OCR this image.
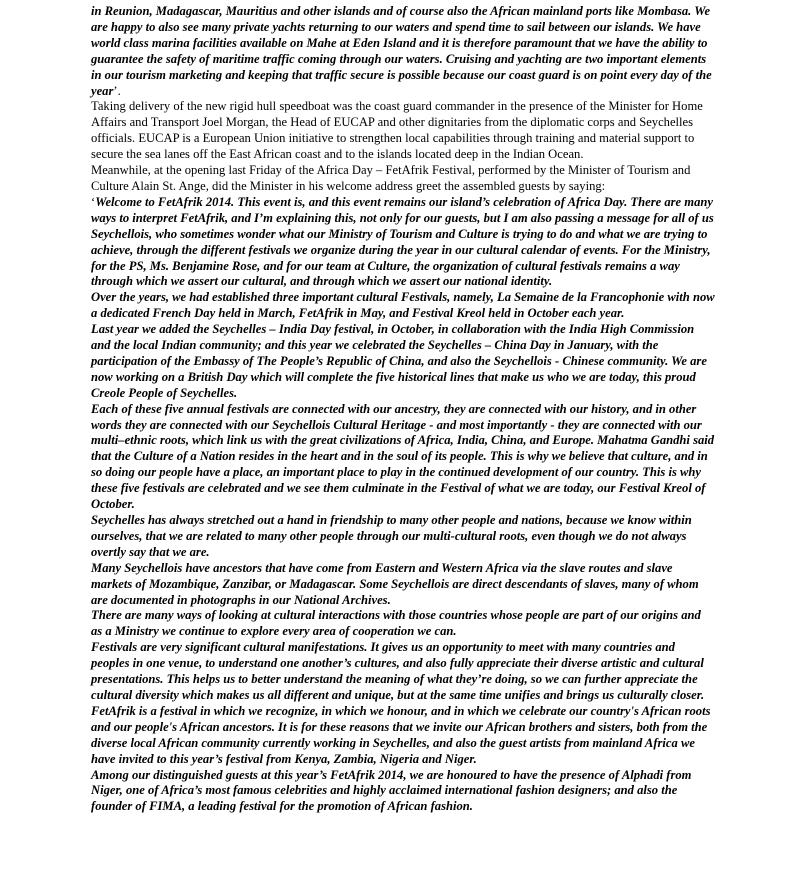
in Reunion, Madagascar, Mauritius and other islands and of course also the African mainland ports like Mombasa. We are happy to also see many private yachts returning to our waters and spend time to sail between our islands. We have world class marina facilities available on Mahe at Eden Island and it is therefore paramount that we have the ability to guarantee the safety of maritime traffic coming through our waters. Cruising and yachting are two important elements in our tourism marketing and keeping that traffic secure is possible because our coast guard is on point every day of the year’.

Taking delivery of the new rigid hull speedboat was the coast guard commander in the presence of the Minister for Home Affairs and Transport Joel Morgan, the Head of EUCAP and other dignitaries from the diplomatic corps and Seychelles officials. EUCAP is a European Union initiative to strengthen local capabilities through training and material support to secure the sea lanes off the East African coast and to the islands located deep in the Indian Ocean.

Meanwhile, at the opening last Friday of the Africa Day – FetAfrik Festival, performed by the Minister of Tourism and Culture Alain St. Ange, did the Minister in his welcome address greet the assembled guests by saying:

‘Welcome to FetAfrik 2014. This event is, and this event remains our island’s celebration of Africa Day. There are many ways to interpret FetAfrik, and I’m explaining this, not only for our guests, but I am also passing a message for all of us Seychellois, who sometimes wonder what our Ministry of Tourism and Culture is trying to do and what we are trying to achieve, through the different festivals we organize during the year in our cultural calendar of events. For the Ministry, for the PS, Ms. Benjamine Rose, and for our team at Culture, the organization of cultural festivals remains a way through which we assert our cultural, and through which we assert our national identity.

Over the years, we had established three important cultural Festivals, namely, La Semaine de la Francophonie with now a dedicated French Day held in March, FetAfrik in May, and Festival Kreol held in October each year.

Last year we added the Seychelles – India Day festival, in October, in collaboration with the India High Commission and the local Indian community; and this year we celebrated the Seychelles – China Day in January, with the participation of the Embassy of The People’s Republic of China, and also the Seychellois - Chinese community. We are now working on a British Day which will complete the five historical lines that make us who we are today, this proud Creole People of Seychelles.

Each of these five annual festivals are connected with our ancestry, they are connected with our history, and in other words they are connected with our Seychellois Cultural Heritage - and most importantly - they are connected with our multi–ethnic roots, which link us with the great civilizations of Africa, India, China, and Europe. Mahatma Gandhi said that the Culture of a Nation resides in the heart and in the soul of its people. This is why we believe that culture, and in so doing our people have a place, an important place to play in the continued development of our country. This is why these five festivals are celebrated and we see them culminate in the Festival of what we are today, our Festival Kreol of October.

Seychelles has always stretched out a hand in friendship to many other people and nations, because we know within ourselves, that we are related to many other people through our multi-cultural roots, even though we do not always overtly say that we are.

Many Seychellois have ancestors that have come from Eastern and Western Africa via the slave routes and slave markets of Mozambique, Zanzibar, or Madagascar. Some Seychellois are direct descendants of slaves, many of whom are documented in photographs in our National Archives.

There are many ways of looking at cultural interactions with those countries whose people are part of our origins and as a Ministry we continue to explore every area of cooperation we can.

Festivals are very significant cultural manifestations. It gives us an opportunity to meet with many countries and peoples in one venue, to understand one another’s cultures, and also fully appreciate their diverse artistic and cultural presentations. This helps us to better understand the meaning of what they’re doing, so we can further appreciate the cultural diversity which makes us all different and unique, but at the same time unifies and brings us culturally closer.

FetAfrik is a festival in which we recognize, in which we honour, and in which we celebrate our country's African roots and our people's African ancestors. It is for these reasons that we invite our African brothers and sisters, both from the diverse local African community currently working in Seychelles, and also the guest artists from mainland Africa we have invited to this year’s festival from Kenya, Zambia, Nigeria and Niger.

Among our distinguished guests at this year’s FetAfrik 2014, we are honoured to have the presence of Alphadi from Niger, one of Africa’s most famous celebrities and highly acclaimed international fashion designers; and also the founder of FIMA, a leading festival for the promotion of African fashion.
